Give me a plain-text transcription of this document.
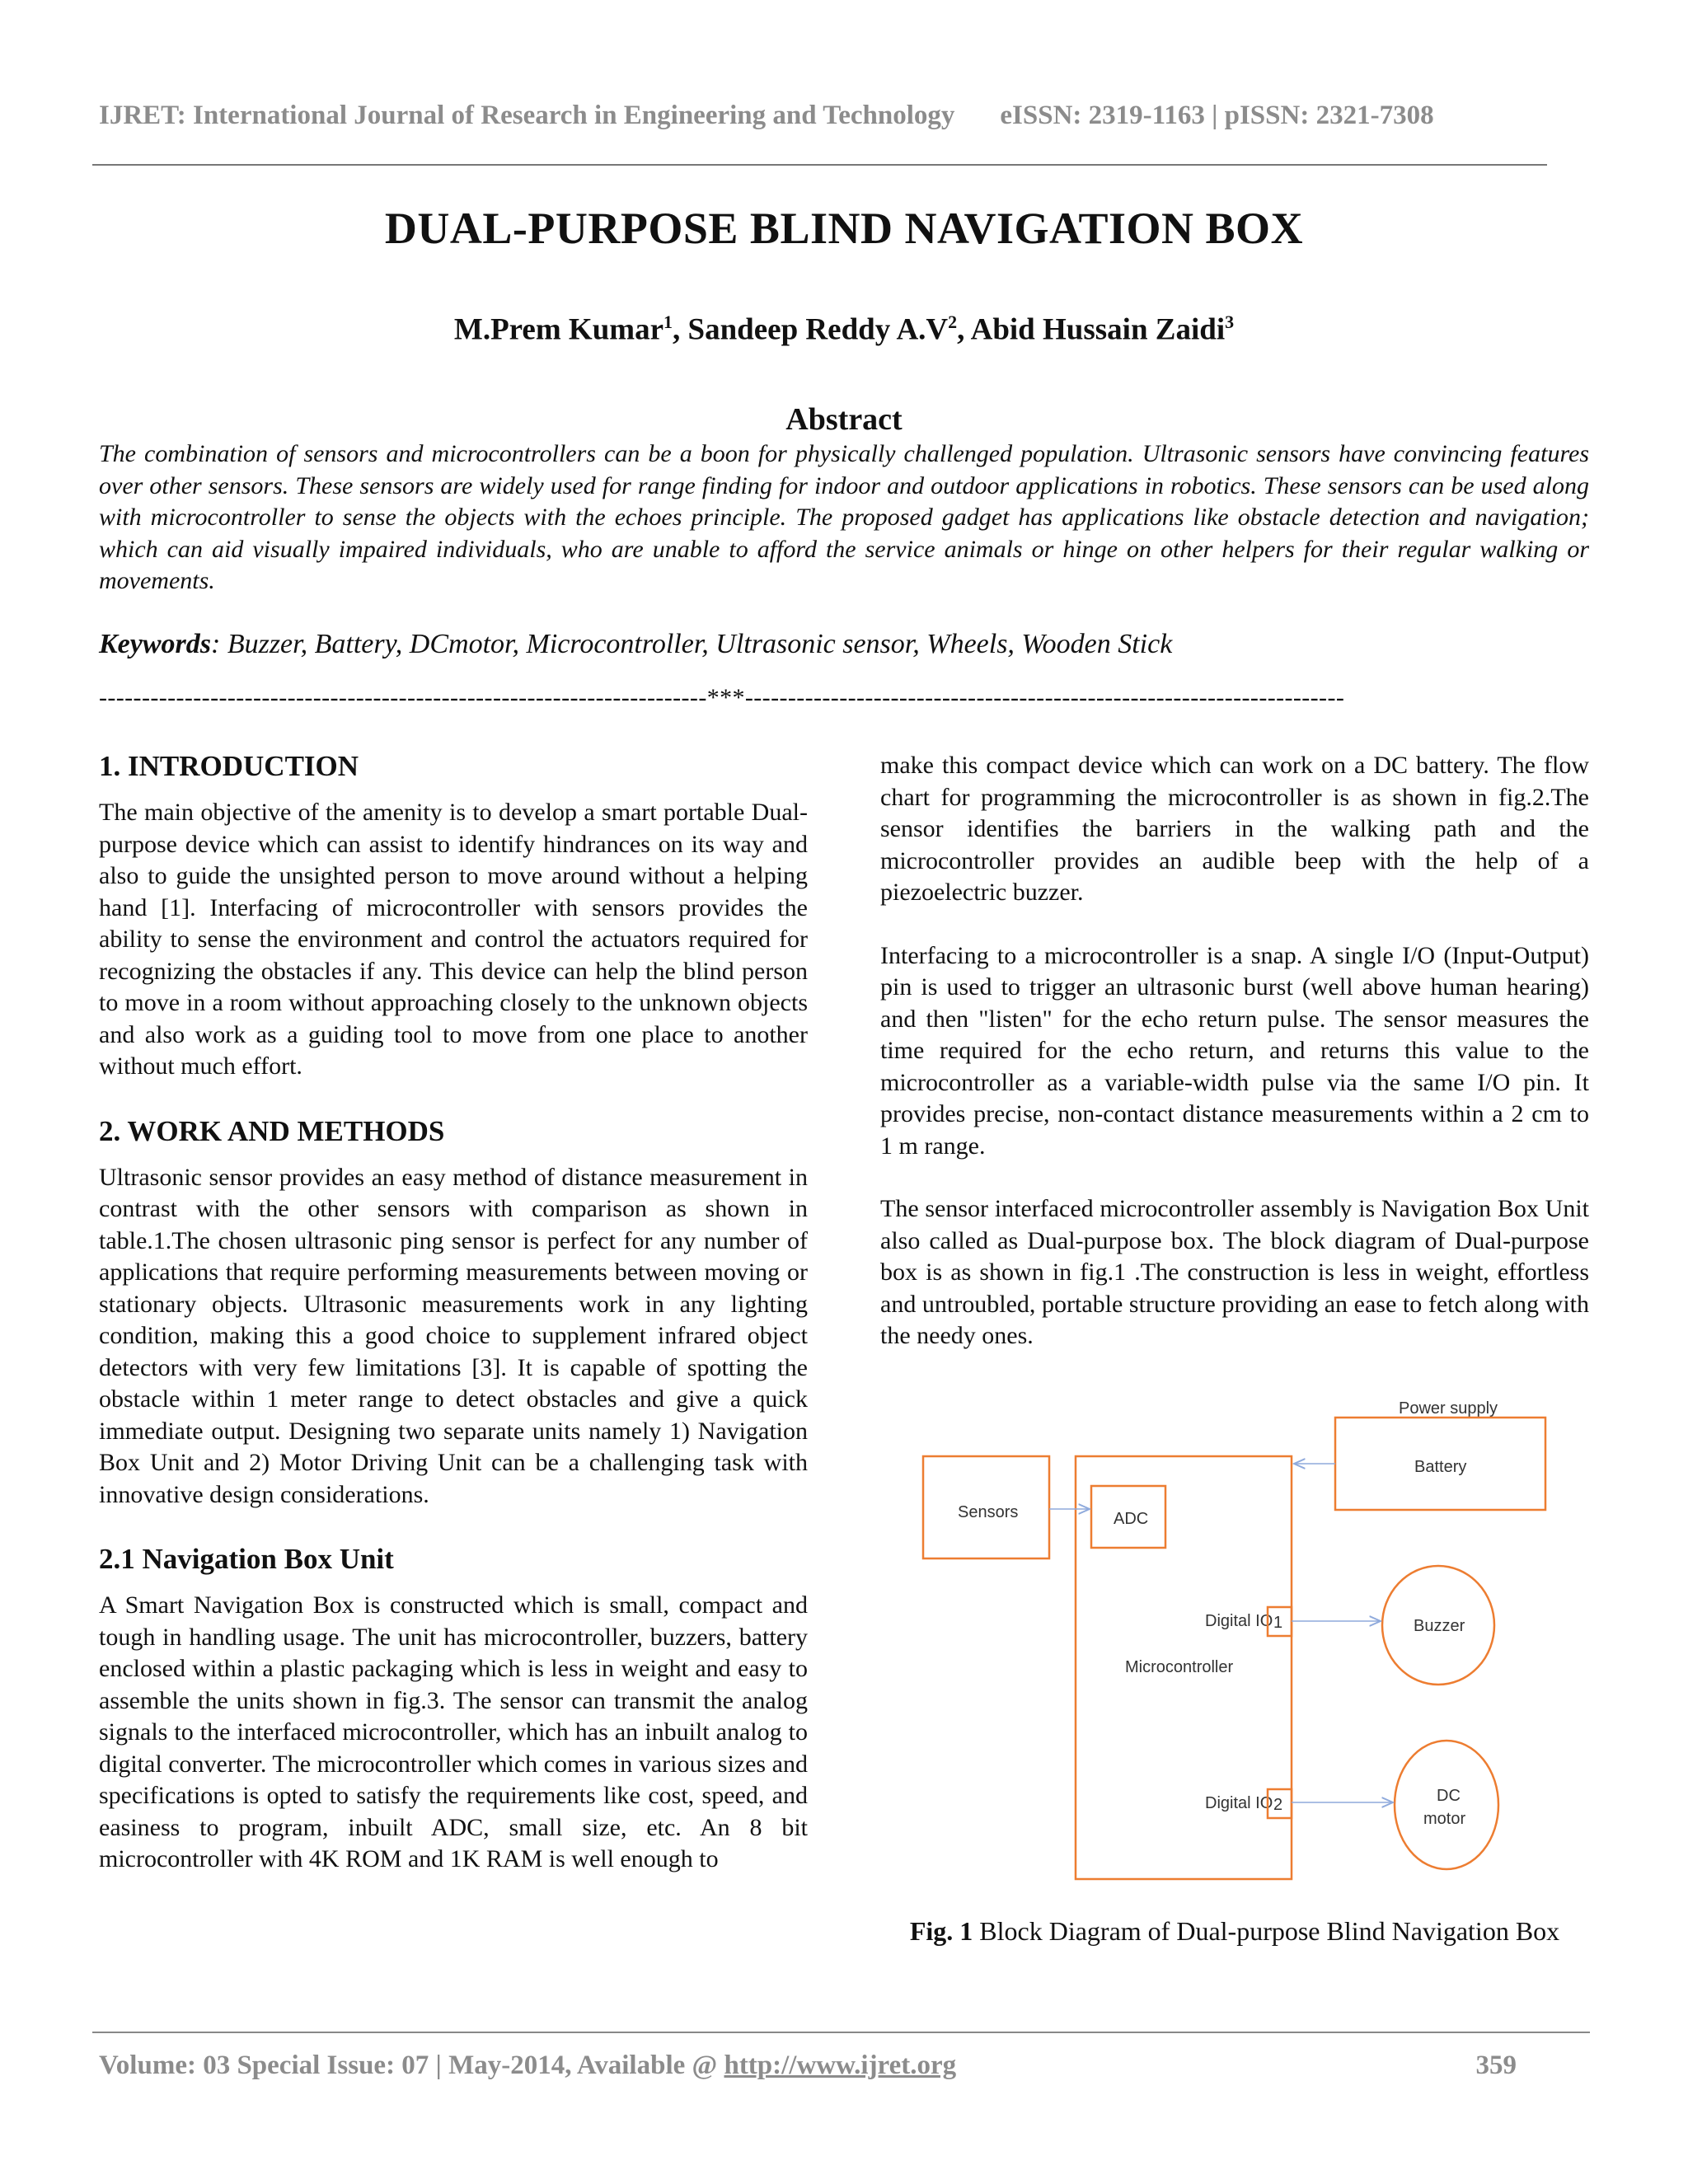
IJRET: International Journal of Research in Engineering and Technology eISSN: 2319-1163 | pISSN: 2321-7308
DUAL-PURPOSE BLIND NAVIGATION BOX
M.Prem Kumar$^1$, Sandeep Reddy $A.V^2$, Abid Hussain Zaidi$^3$
Abstract
The combination of sensors and microcontrollers can be a boon for physically challenged population. Ultrasonic sensors have convincing features over other sensors. These sensors are widely used for range finding for indoor and outdoor applications in robotics. These sensors can be used along with microcontroller to sense the objects with the echoes principle. The proposed gadget has applications like obstacle detection and navigation; which can aid visually impaired individuals, who are unable to afford the service animals or hinge on other helpers for their regular walking or movements.
Keywords: Buzzer, Battery, DCmotor, Microcontroller, Ultrasonic sensor, Wheels, Wooden Stick
-----------------------------------------------------------------------***----------------------------------------------------------------------
1. INTRODUCTION

The main objective of the amenity is to develop a smart portable Dual-purpose device which can assist to identify hindrances on its way and also to guide the unsighted person to move around without a helping hand [1]. Interfacing of microcontroller with sensors provides the ability to sense the environment and control the actuators required for recognizing the obstacles if any. This device can help the blind person to move in a room without approaching closely to the unknown objects and also work as a guiding tool to move from one place to another without much effort.

2. WORK AND METHODS

Ultrasonic sensor provides an easy method of distance measurement in contrast with the other sensors with comparison as shown in table.1.The chosen ultrasonic ping sensor is perfect for any number of applications that require performing measurements between moving or stationary objects. Ultrasonic measurements work in any lighting condition, making this a good choice to supplement infrared object detectors with very few limitations [3]. It is capable of spotting the obstacle within 1 meter range to detect obstacles and give a quick immediate output. Designing two separate units namely 1) Navigation Box Unit and 2) Motor Driving Unit can be a challenging task with innovative design considerations.

2.1 Navigation Box Unit

A Smart Navigation Box is constructed which is small, compact and tough in handling usage. The unit has microcontroller, buzzers, battery enclosed within a plastic packaging which is less in weight and easy to assemble the units shown in fig.3. The sensor can transmit the analog signals to the interfaced microcontroller, which has an inbuilt analog to digital converter. The microcontroller which comes in various sizes and specifications is opted to satisfy the requirements like cost, speed, and easiness to program, inbuilt ADC, small size, etc. An 8 bit microcontroller with 4K ROM and 1K RAM is well enough to

make this compact device which can work on a DC battery. The flow chart for programming the microcontroller is as shown in fig.2.The sensor identifies the barriers in the walking path and the microcontroller provides an audible beep with the help of a piezoelectric buzzer.

Interfacing to a microcontroller is a snap. A single I/O (Input-Output) pin is used to trigger an ultrasonic burst (well above human hearing) and then "listen" for the echo return pulse. The sensor measures the time required for the echo return, and returns this value to the microcontroller as a variable-width pulse via the same I/O pin. It provides precise, non-contact distance measurements within a 2 cm to 1 m range.

The sensor interfaced microcontroller assembly is Navigation Box Unit also called as Dual-purpose box. The block diagram of Dual-purpose box is as shown in fig.1 .The construction is less in weight, effortless and untroubled, portable structure providing an ease to fetch along with the needy ones.

Power supply
Battery
Sensors	ADC
Microcontroller
Digital IO 1
Digital IO 2
Buzzer
DC
motor
Fig. 1 Block Diagram of Dual-purpose Blind Navigation Box
Volume: 03 Special Issue: 07 | May-2014, Available @ http://www.ijret.org	359
